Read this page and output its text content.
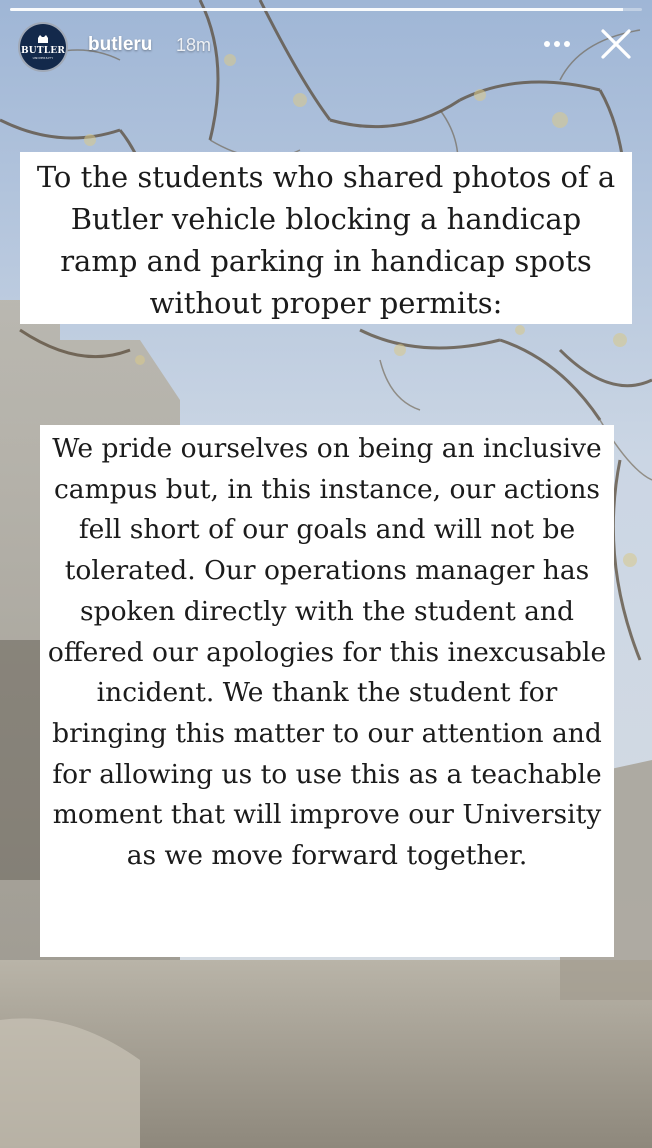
BUTLER
UNIVERSITY
butleru 18m

To the students who shared photos of a Butler vehicle blocking a handicap ramp and parking in handicap spots without proper permits:

We pride ourselves on being an inclusive campus but, in this instance, our actions fell short of our goals and will not be tolerated. Our operations manager has spoken directly with the student and offered our apologies for this inexcusable incident. We thank the student for bringing this matter to our attention and for allowing us to use this as a teachable moment that will improve our University as we move forward together.
